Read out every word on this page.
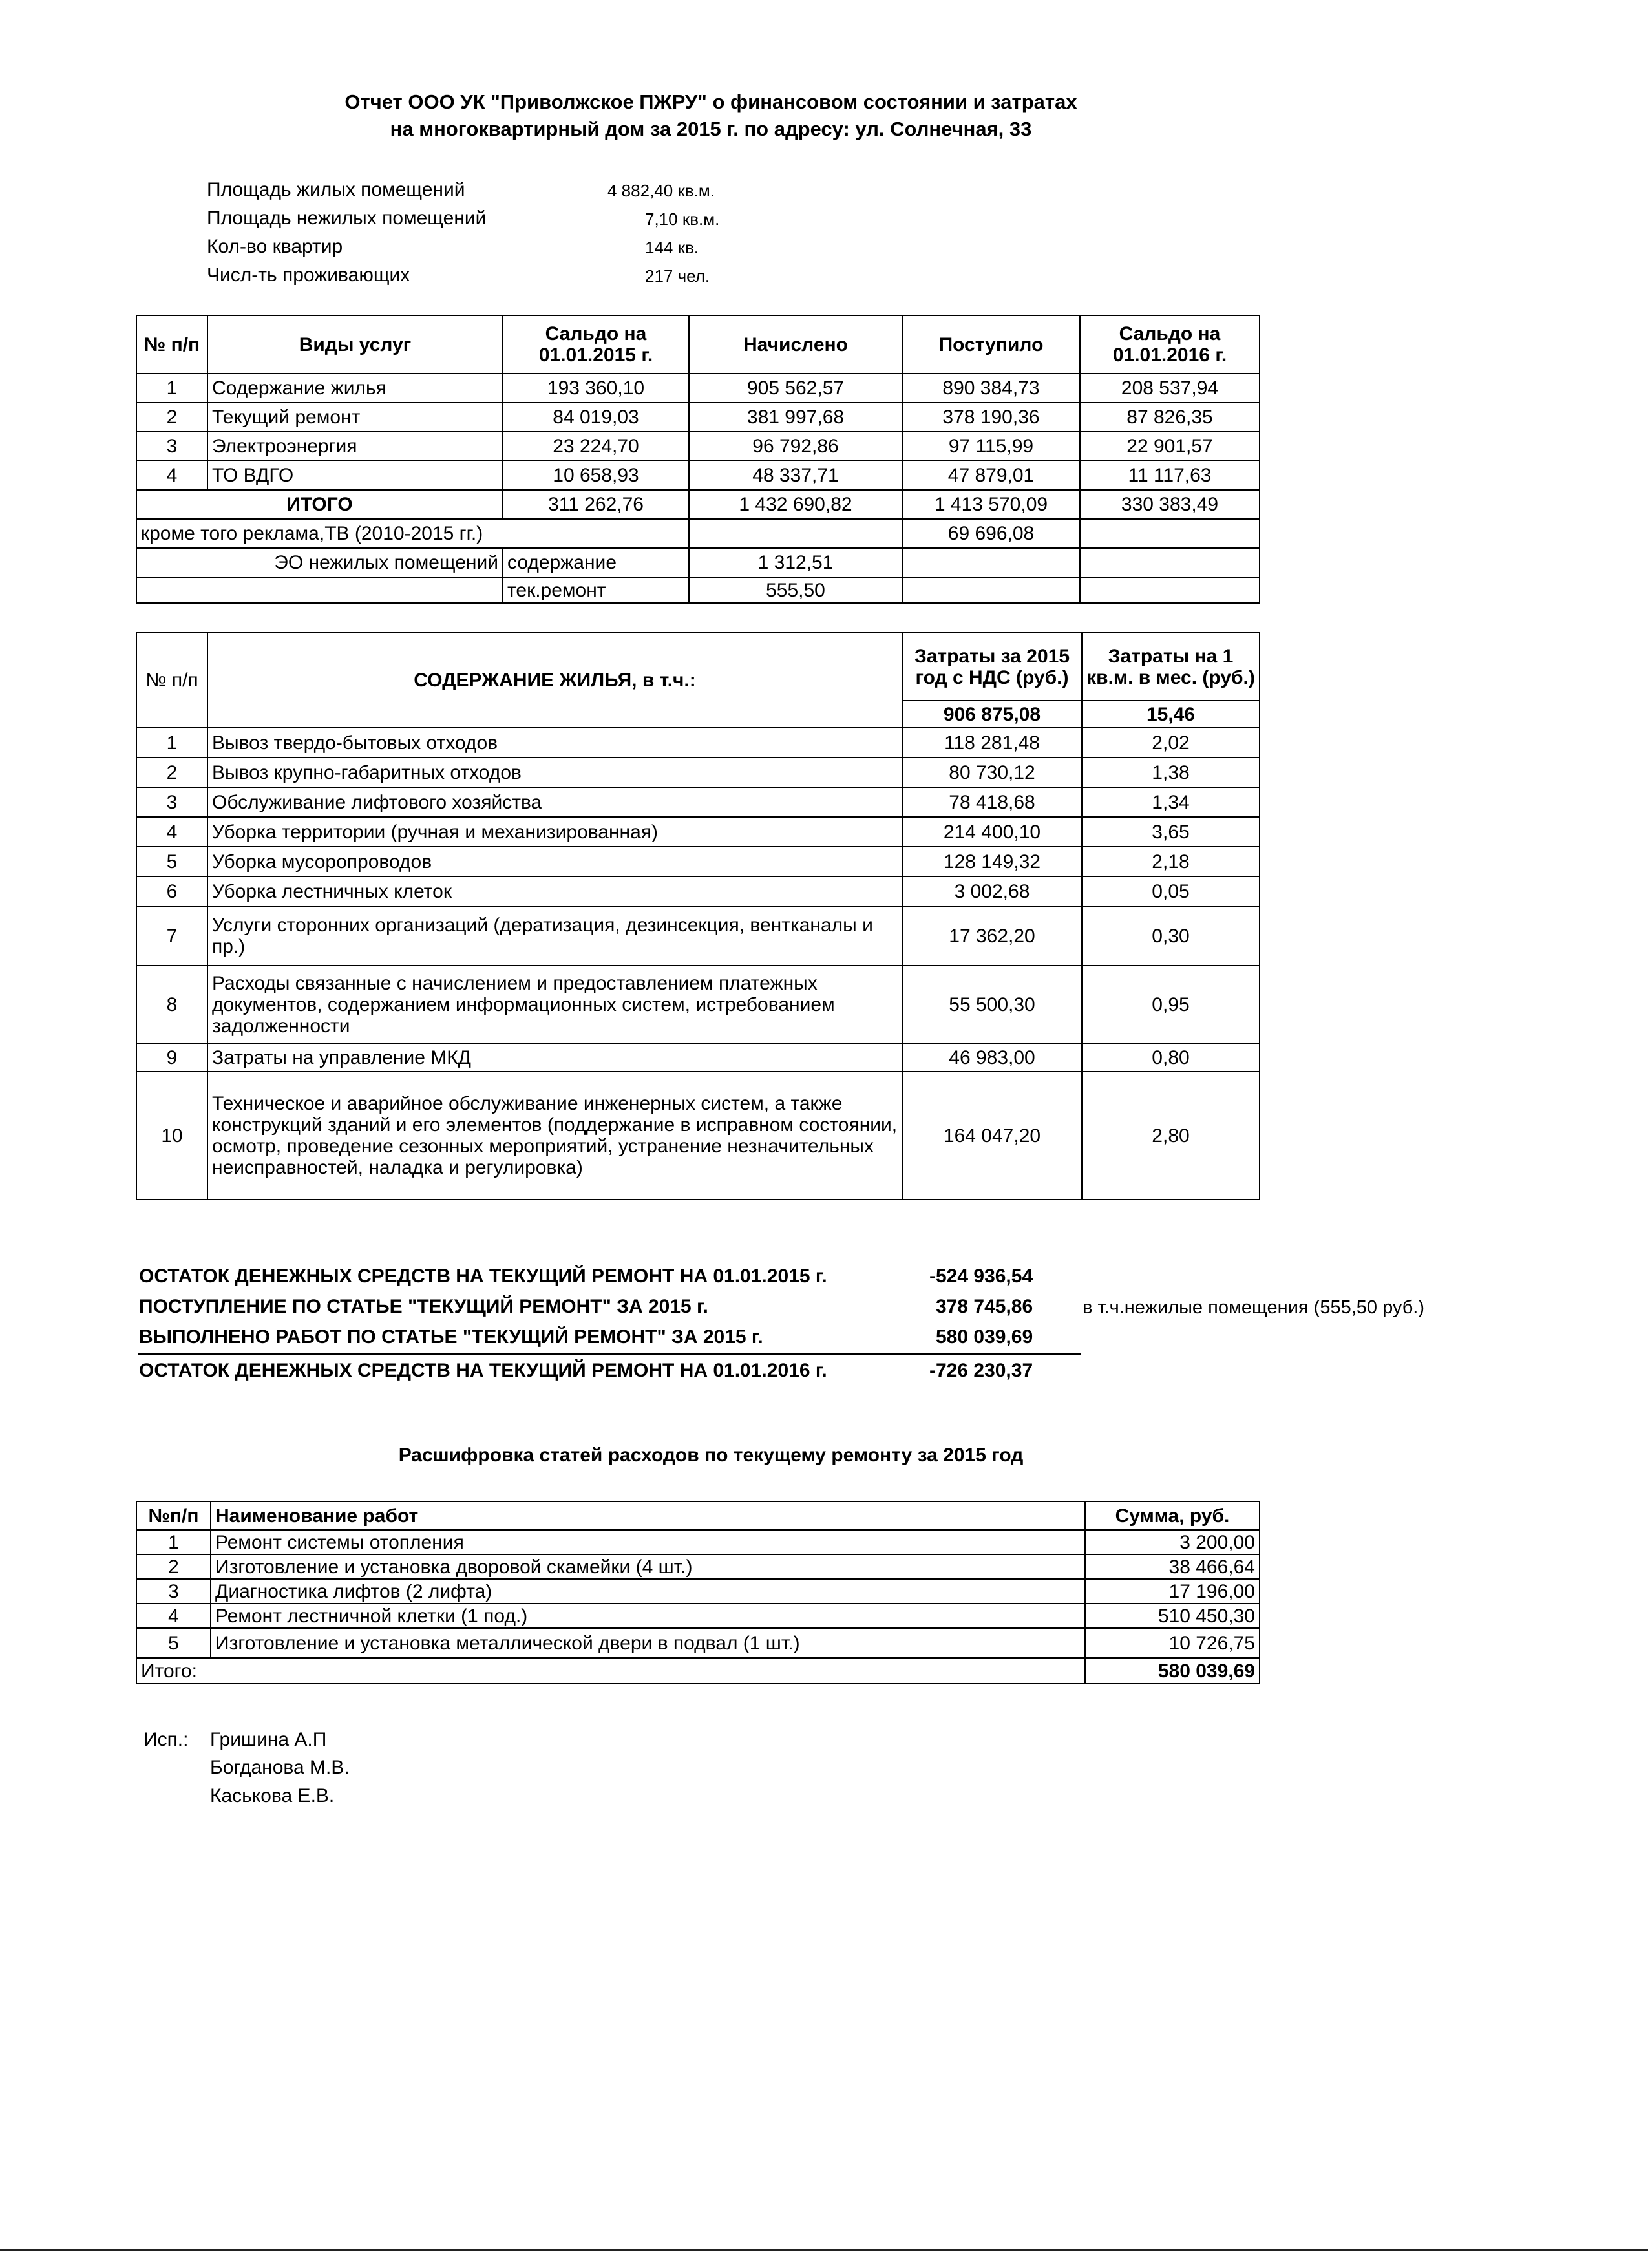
Отчет ООО УК "Приволжское ПЖРУ" о финансовом состоянии и затратах
на многоквартирный дом за 2015 г. по адресу: ул. Солнечная, 33
Площадь жилых помещений	4 882,40 кв.м.
Площадь нежилых помещений	7,10 кв.м.
Кол-во квартир	144 кв.
Числ-ть проживающих	217 чел.
№ п/п	Виды услуг	Сальдо на 01.01.2015 г.	Начислено	Поступило	Сальдо на 01.01.2016 г.
1	Содержание жилья	193 360,10	905 562,57	890 384,73	208 537,94
2	Текущий ремонт	84 019,03	381 997,68	378 190,36	87 826,35
3	Электроэнергия	23 224,70	96 792,86	97 115,99	22 901,57
4	ТО ВДГО	10 658,93	48 337,71	47 879,01	11 117,63
ИТОГО		311 262,76	1 432 690,82	1 413 570,09	330 383,49
кроме того реклама,ТВ (2010-2015 гг.)				69 696,08	
ЭО нежилых помещений		содержание	1 312,51		
		тек.ремонт	555,50		
№ п/п	СОДЕРЖАНИЕ ЖИЛЬЯ, в т.ч.:	Затраты за 2015 год с НДС (руб.)	Затраты на 1 кв.м. в мес. (руб.)
		906 875,08	15,46
1	Вывоз твердо-бытовых отходов	118 281,48	2,02
2	Вывоз крупно-габаритных отходов	80 730,12	1,38
3	Обслуживание лифтового хозяйства	78 418,68	1,34
4	Уборка территории (ручная и механизированная)	214 400,10	3,65
5	Уборка мусоропроводов	128 149,32	2,18
6	Уборка лестничных клеток	3 002,68	0,05
7	Услуги сторонних организаций (дератизация, дезинсекция, вентканалы и пр.)	17 362,20	0,30
8	Расходы связанные с начислением и предоставлением платежных документов, содержанием информационных систем, истребованием задолженности	55 500,30	0,95
9	Затраты на управление МКД	46 983,00	0,80
10	Техническое и аварийное обслуживание инженерных систем, а также конструкций зданий и его элементов (поддержание в исправном состоянии, осмотр, проведение сезонных мероприятий, устранение незначительных неисправностей, наладка и регулировка)	164 047,20	2,80
ОСТАТОК ДЕНЕЖНЫХ СРЕДСТВ НА ТЕКУЩИЙ РЕМОНТ НА 01.01.2015 г.	-524 936,54
ПОСТУПЛЕНИЕ ПО СТАТЬЕ "ТЕКУЩИЙ РЕМОНТ" ЗА 2015 г.	378 745,86	в т.ч.нежилые помещения (555,50 руб.)
ВЫПОЛНЕНО РАБОТ ПО СТАТЬЕ "ТЕКУЩИЙ РЕМОНТ" ЗА 2015 г.	580 039,69
ОСТАТОК ДЕНЕЖНЫХ СРЕДСТВ НА ТЕКУЩИЙ РЕМОНТ НА 01.01.2016 г.	-726 230,37
Расшифровка статей расходов по текущему ремонту за 2015 год
№п/п	Наименование работ	Сумма, руб.
1	Ремонт системы отопления	3 200,00
2	Изготовление и установка дворовой скамейки (4 шт.)	38 466,64
3	Диагностика лифтов (2 лифта)	17 196,00
4	Ремонт лестничной клетки (1 под.)	510 450,30
5	Изготовление и установка металлической двери в подвал (1 шт.)	10 726,75
Итого:		580 039,69
Исп.: Гришина А.П
Богданова М.В.
Каськова Е.В.
